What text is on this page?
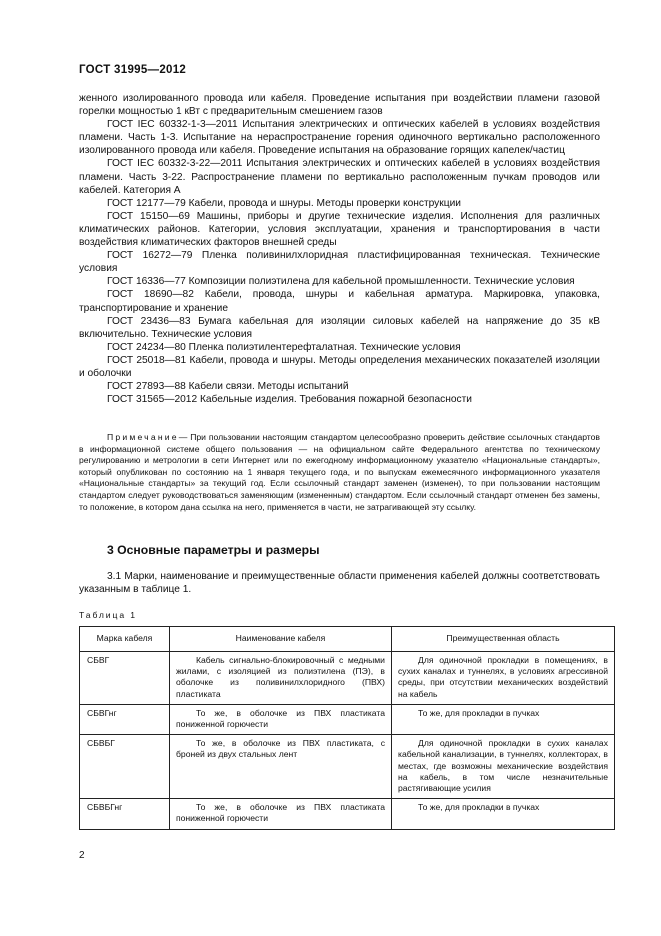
ГОСТ 31995—2012

женного изолированного провода или кабеля. Проведение испытания при воздействии пламени газовой горелки мощностью 1 кВт с предварительным смешением газов

ГОСТ IEC 60332-1-3—2011 Испытания электрических и оптических кабелей в условиях воздействия пламени. Часть 1-3. Испытание на нераспространение горения одиночного вертикально расположенного изолированного провода или кабеля. Проведение испытания на образование горящих капелек/частиц

ГОСТ IEC 60332-3-22—2011 Испытания электрических и оптических кабелей в условиях воздействия пламени. Часть 3-22. Распространение пламени по вертикально расположенным пучкам проводов или кабелей. Категория А

ГОСТ 12177—79 Кабели, провода и шнуры. Методы проверки конструкции

ГОСТ 15150—69 Машины, приборы и другие технические изделия. Исполнения для различных климатических районов. Категории, условия эксплуатации, хранения и транспортирования в части воздействия климатических факторов внешней среды

ГОСТ 16272—79 Пленка поливинилхлоридная пластифицированная техническая. Технические условия

ГОСТ 16336—77 Композиции полиэтилена для кабельной промышленности. Технические условия

ГОСТ 18690—82 Кабели, провода, шнуры и кабельная арматура. Маркировка, упаковка, транспортирование и хранение

ГОСТ 23436—83 Бумага кабельная для изоляции силовых кабелей на напряжение до 35 кВ включительно. Технические условия

ГОСТ 24234—80 Пленка полиэтилентерефталатная. Технические условия

ГОСТ 25018—81 Кабели, провода и шнуры. Методы определения механических показателей изоляции и оболочки

ГОСТ 27893—88 Кабели связи. Методы испытаний

ГОСТ 31565—2012 Кабельные изделия. Требования пожарной безопасности

Примечание— При пользовании настоящим стандартом целесообразно проверить действие ссылочных стандартов в информационной системе общего пользования — на официальном сайте Федерального агентства по техническому регулированию и метрологии в сети Интернет или по ежегодному информационному указателю «Национальные стандарты», который опубликован по состоянию на 1 января текущего года, и по выпускам ежемесячного информационного указателя «Национальные стандарты» за текущий год. Если ссылочный стандарт заменен (изменен), то при пользовании настоящим стандартом следует руководствоваться заменяющим (измененным) стандартом. Если ссылочный стандарт отменен без замены, то положение, в котором дана ссылка на него, применяется в части, не затрагивающей эту ссылку.

3 Основные параметры и размеры

3.1 Марки, наименование и преимущественные области применения кабелей должны соответствовать указанным в таблице 1.

Таблица 1
Марка кабеля	Наименование кабеля	Преимущественная область
СБВГ	Кабель сигнально-блокировочный с медными жилами, с изоляцией из полиэтилена (ПЭ), в оболочке из поливинилхлоридного (ПВХ) пластиката	Для одиночной прокладки в помещениях, в сухих каналах и туннелях, в условиях агрессивной среды, при отсутствии механических воздействий на кабель

СБВГнг	То же, в оболочке из ПВХ пластиката пониженной горючести	То же, для прокладки в пучках

СБВБГ	То же, в оболочке из ПВХ пластиката, с броней из двух стальных лент	Для одиночной прокладки в сухих каналах кабельной канализации, в туннелях, коллекторах, в местах, где возможны механические воздействия на кабель, в том числе незначительные растягивающие усилия

СБВБГнг	То же, в оболочке из ПВХ пластиката пониженной горючести	То же, для прокладки в пучках
2
